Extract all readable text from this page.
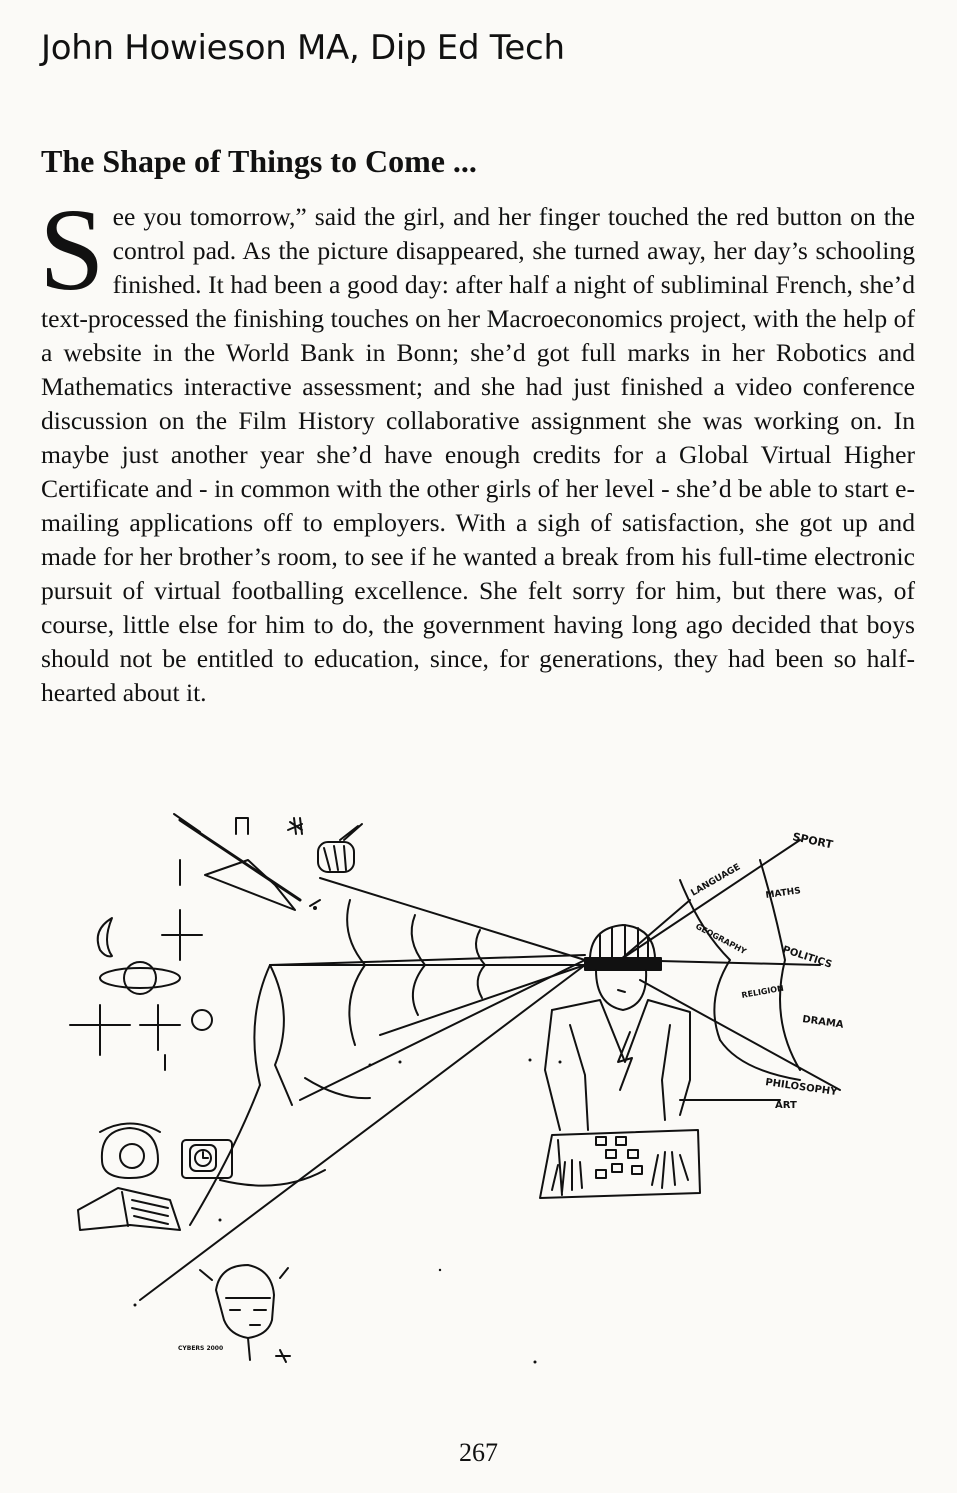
John Howieson MA, Dip Ed Tech
The Shape of Things to Come ...

See you tomorrow,” said the girl, and her finger touched the red button on the control pad. As the picture disappeared, she turned away, her day’s schooling finished. It had been a good day: after half a night of subliminal French, she’d text-processed the finishing touches on her Macroeconomics project, with the help of a website in the World Bank in Bonn; she’d got full marks in her Robotics and Mathematics interactive assessment; and she had just finished a video conference discussion on the Film History collaborative assignment she was working on. In maybe just another year she’d have enough credits for a Global Virtual Higher Certificate and - in common with the other girls of her level - she’d be able to start e-mailing applications off to employers. With a sigh of satisfaction, she got up and made for her brother’s room, to see if he wanted a break from his full-time electronic pursuit of virtual footballing excellence. She felt sorry for him, but there was, of course, little else for him to do, the government having long ago decided that boys should not be entitled to education, since, for generations, they had been so half-hearted about it.

SPORT
LANGUAGE	MATHS
GEOGRAPHY
POLITICS
RELIGION
DRAMA
PHILOSOPHY
ART
CYBERS 2000
267
